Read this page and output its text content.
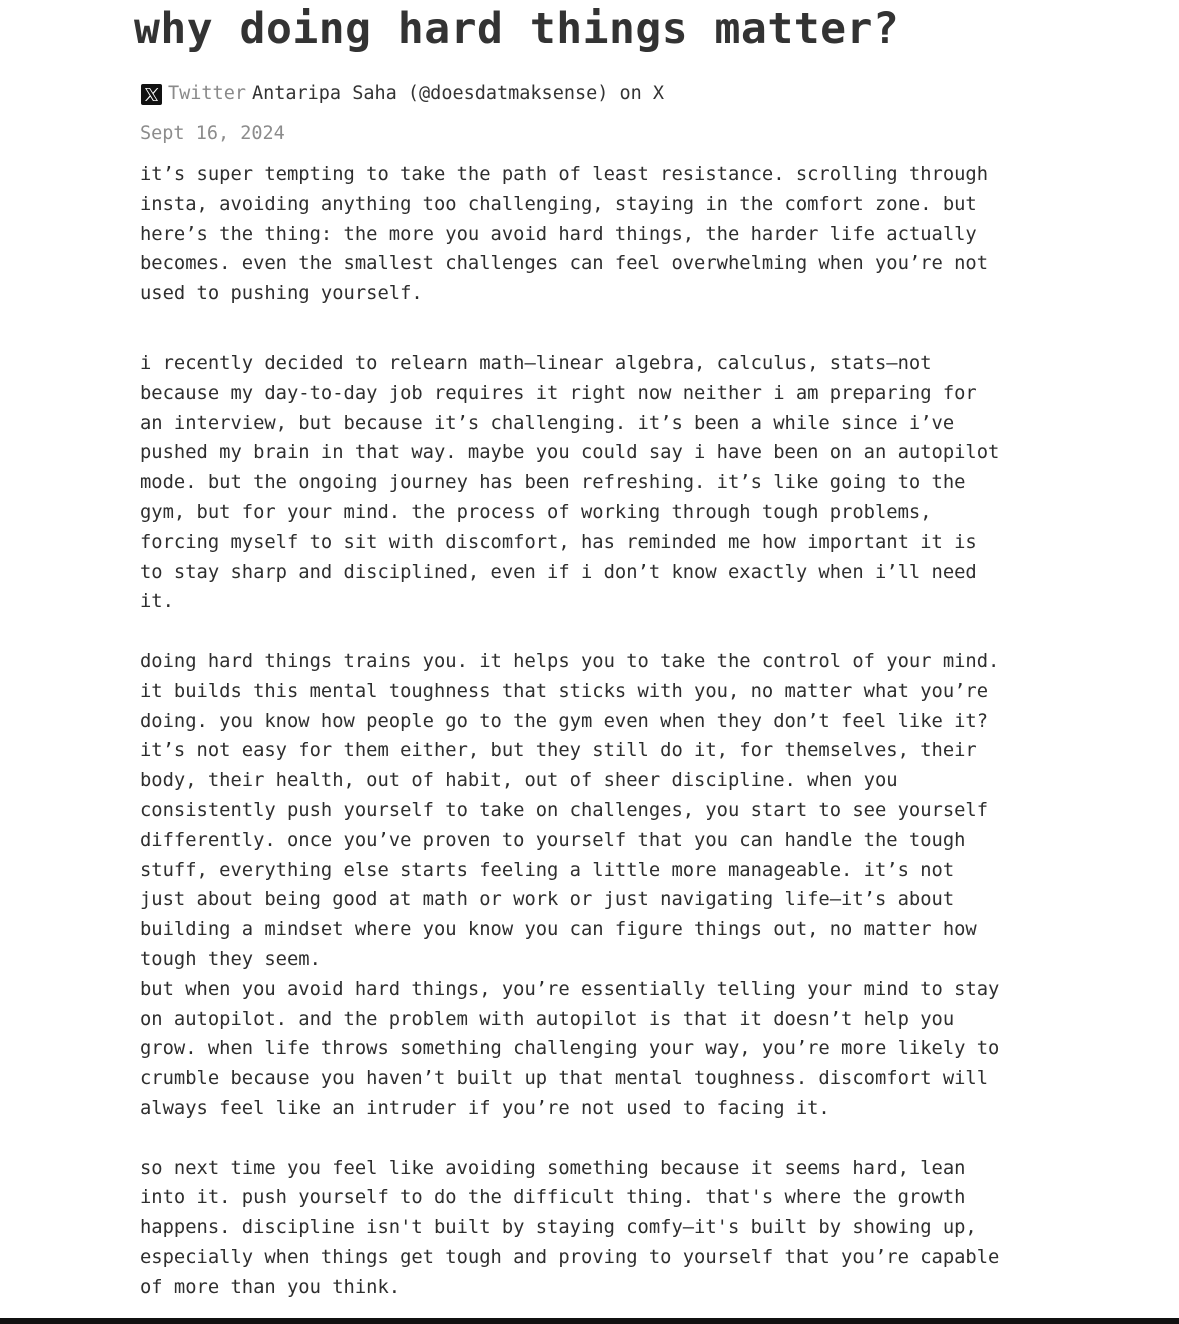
why doing hard things matter?
Twitter Antaripa Saha (@doesdatmaksense) on X
Sept 16, 2024
it’s super tempting to take the path of least resistance. scrolling through
insta, avoiding anything too challenging, staying in the comfort zone. but
here’s the thing: the more you avoid hard things, the harder life actually
becomes. even the smallest challenges can feel overwhelming when you’re not
used to pushing yourself.
i recently decided to relearn math—linear algebra, calculus, stats—not
because my day-to-day job requires it right now neither i am preparing for
an interview, but because it’s challenging. it’s been a while since i’ve
pushed my brain in that way. maybe you could say i have been on an autopilot
mode. but the ongoing journey has been refreshing. it’s like going to the
gym, but for your mind. the process of working through tough problems,
forcing myself to sit with discomfort, has reminded me how important it is
to stay sharp and disciplined, even if i don’t know exactly when i’ll need
it.
doing hard things trains you. it helps you to take the control of your mind.
it builds this mental toughness that sticks with you, no matter what you’re
doing. you know how people go to the gym even when they don’t feel like it?
it’s not easy for them either, but they still do it, for themselves, their
body, their health, out of habit, out of sheer discipline. when you
consistently push yourself to take on challenges, you start to see yourself
differently. once you’ve proven to yourself that you can handle the tough
stuff, everything else starts feeling a little more manageable. it’s not
just about being good at math or work or just navigating life—it’s about
building a mindset where you know you can figure things out, no matter how
tough they seem.
but when you avoid hard things, you’re essentially telling your mind to stay
on autopilot. and the problem with autopilot is that it doesn’t help you
grow. when life throws something challenging your way, you’re more likely to
crumble because you haven’t built up that mental toughness. discomfort will
always feel like an intruder if you’re not used to facing it.
so next time you feel like avoiding something because it seems hard, lean
into it. push yourself to do the difficult thing. that's where the growth
happens. discipline isn't built by staying comfy—it's built by showing up,
especially when things get tough and proving to yourself that you’re capable
of more than you think.
